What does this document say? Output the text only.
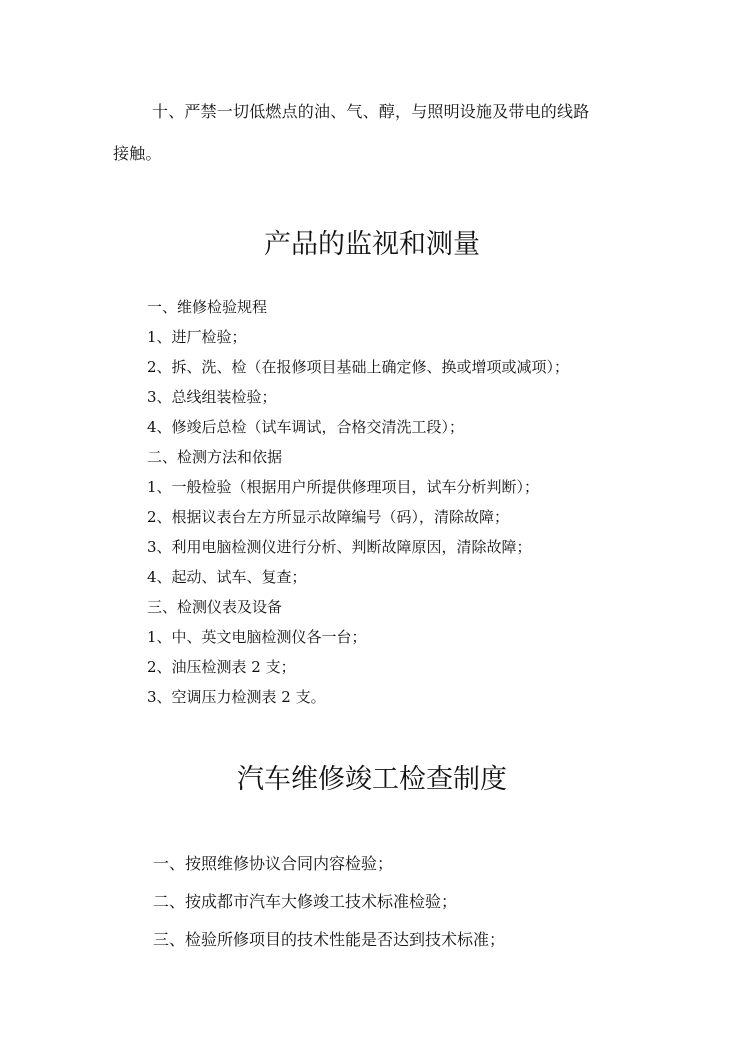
十、严禁一切低燃点的油、气、醇，与照明设施及带电的线路
接触。
产品的监视和测量
一、维修检验规程
1、进厂检验；
2、拆、洗、检（在报修项目基础上确定修、换或增项或减项）；
3、总线组装检验；
4、修竣后总检（试车调试，合格交清洗工段）；
二、检测方法和依据
1、一般检验（根据用户所提供修理项目，试车分析判断）；
2、根据议表台左方所显示故障编号（码），清除故障；
3、利用电脑检测仪进行分析、判断故障原因，清除故障；
4、起动、试车、复查；
三、检测仪表及设备
1、中、英文电脑检测仪各一台；
2、油压检测表 2 支；
3、空调压力检测表 2 支。
汽车维修竣工检查制度
一、按照维修协议合同内容检验；
二、按成都市汽车大修竣工技术标准检验；
三、检验所修项目的技术性能是否达到技术标准；
